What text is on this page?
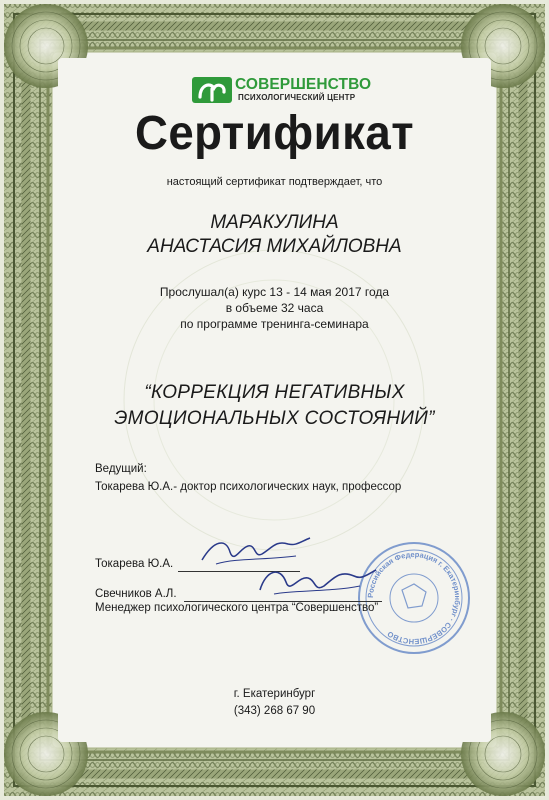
СОВЕРШЕНСТВО
ПСИХОЛОГИЧЕСКИЙ ЦЕНТР
Сертификат
настоящий сертификат подтверждает, что
МАРАКУЛИНА
АНАСТАСИЯ МИХАЙЛОВНА
Прослушал(а) курс 13 - 14 мая 2017 года
в объеме 32 часа
по программе тренинга-семинара
“КОРРЕКЦИЯ НЕГАТИВНЫХ
ЭМОЦИОНАЛЬНЫХ СОСТОЯНИЙ”
Ведущий:
Токарева Ю.А.- доктор психологических наук, профессор
Российская Федерация г. Екатеринбург · СОВЕРШЕНСТВО
Токарева Ю.А.
Свечников А.Л.
Менеджер психологического центра “Совершенство”
г. Екатеринбург
(343) 268 67 90
